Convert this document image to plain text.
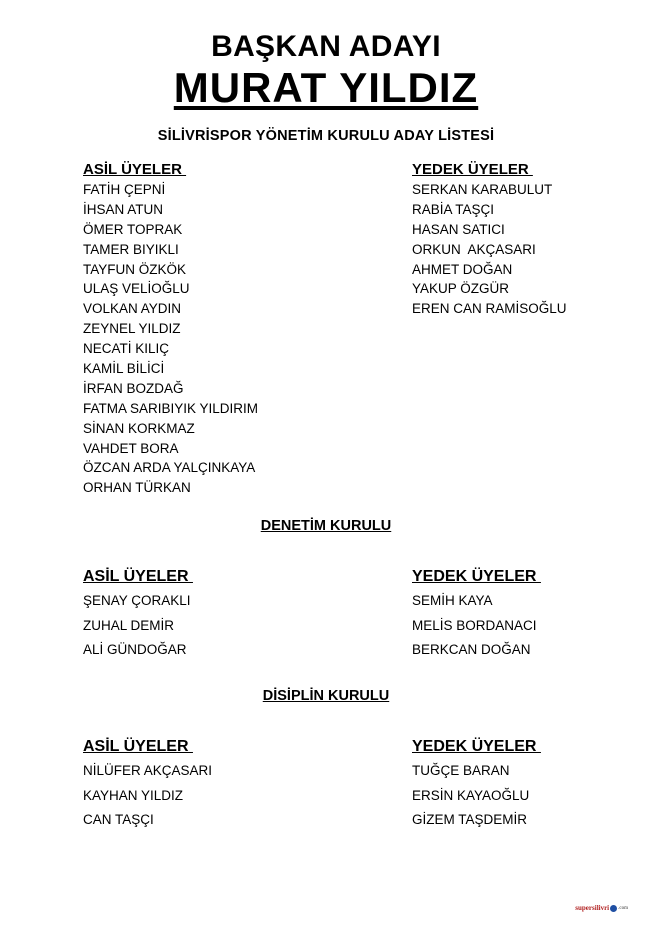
BAŞKAN ADAYI
MURAT YILDIZ

SİLİVRİSPOR YÖNETİM KURULU ADAY LİSTESİ

ASİL ÜYELER

FATİH ÇEPNİ
İHSAN ATUN
ÖMER TOPRAK
TAMER BIYIKLI
TAYFUN ÖZKÖK
ULAŞ VELİOĞLU
VOLKAN AYDIN
ZEYNEL YILDIZ
NECATİ KILIÇ
KAMİL BİLİCİ
İRFAN BOZDAĞ
FATMA SARIBIYIK YILDIRIM
SİNAN KORKMAZ
VAHDET BORA
ÖZCAN ARDA YALÇINKAYA
ORHAN TÜRKAN

YEDEK ÜYELER

SERKAN KARABULUT
RABİA TAŞÇI
HASAN SATICI
ORKUN  AKÇASARI
AHMET DOĞAN
YAKUP ÖZGÜR
EREN CAN RAMİSOĞLU

DENETİM KURULU

ASİL ÜYELER

ŞENAY ÇORAKLI
ZUHAL DEMİR
ALİ GÜNDOĞAR

YEDEK ÜYELER

SEMİH KAYA
MELİS BORDANACI
BERKCAN DOĞAN

DİSİPLİN KURULU

ASİL ÜYELER

NİLÜFER AKÇASARI
KAYHAN YILDIZ
CAN TAŞÇI

YEDEK ÜYELER

TUĞÇE BARAN
ERSİN KAYAOĞLU
GİZEM TAŞDEMİR
supersilivri .com
